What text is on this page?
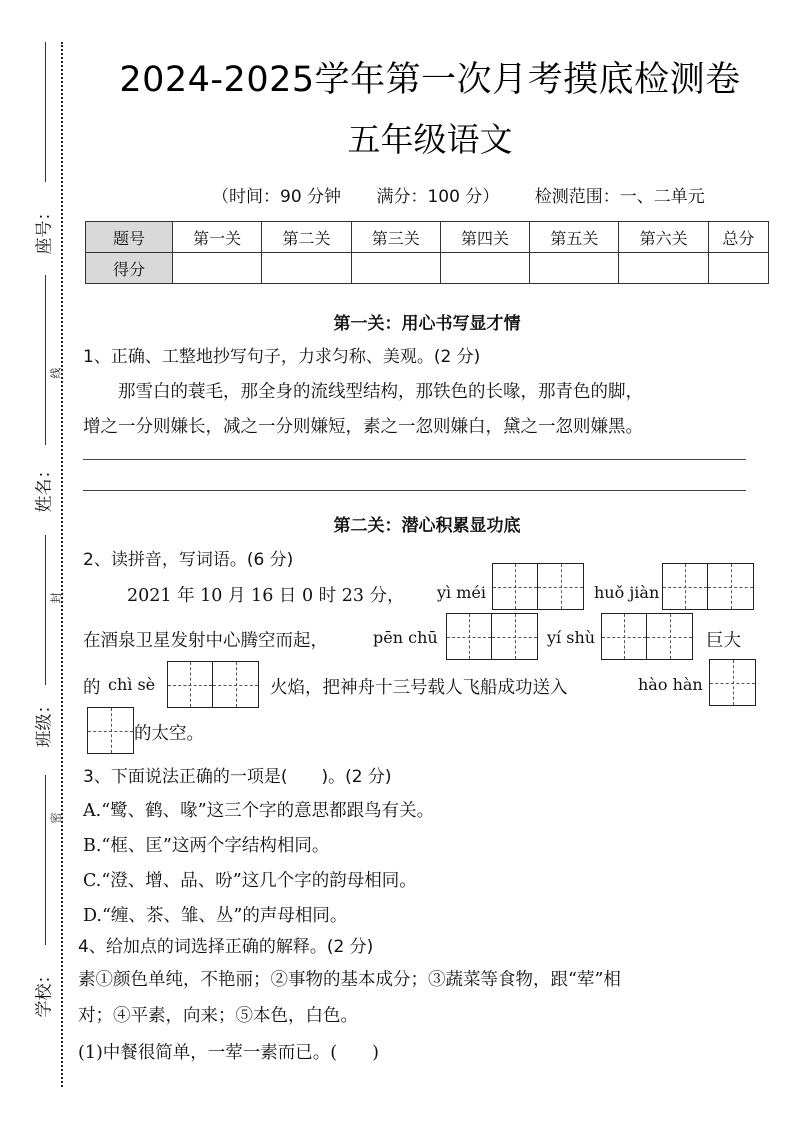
座号：
姓名：
班级：
学校：
线
封
密
2024-2025学年第一次月考摸底检测卷
五年级语文
（时间：90 分钟 满分：100 分） 检测范围：一、二单元
题号	第一关	第二关	第三关	第四关	第五关	第六关	总分
得分							
第一关：用心书写显才情
1、正确、工整地抄写句子，力求匀称、美观。(2 分)
那雪白的蓑毛，那全身的流线型结构，那铁色的长喙，那青色的脚，
增之一分则嫌长，减之一分则嫌短，素之一忽则嫌白，黛之一忽则嫌黑。
第二关：潜心积累显功底
2、读拼音，写词语。(6 分)
2021 年 10 月 16 日 0 时 23 分， yì méi	huǒ jiàn
在酒泉卫星发射中心腾空而起，	pēn chū	yí shù	巨大
的 chì sè	火焰，把神舟十三号载人飞船成功送入	hào hàn
的太空。
3、下面说法正确的一项是(　　)。(2 分)
A.“鹭、鹤、喙”这三个字的意思都跟鸟有关。
B.“框、匡”这两个字结构相同。
C.“澄、增、品、吩”这几个字的韵母相同。
D.“缠、茶、雏、丛”的声母相同。
4、给加点的词选择正确的解释。(2 分)
素①颜色单纯，不艳丽；②事物的基本成分；③蔬菜等食物，跟“荤”相
对；④平素，向来；⑤本色，白色。
(1)中餐很简单，一荤一素而已。(　　)
